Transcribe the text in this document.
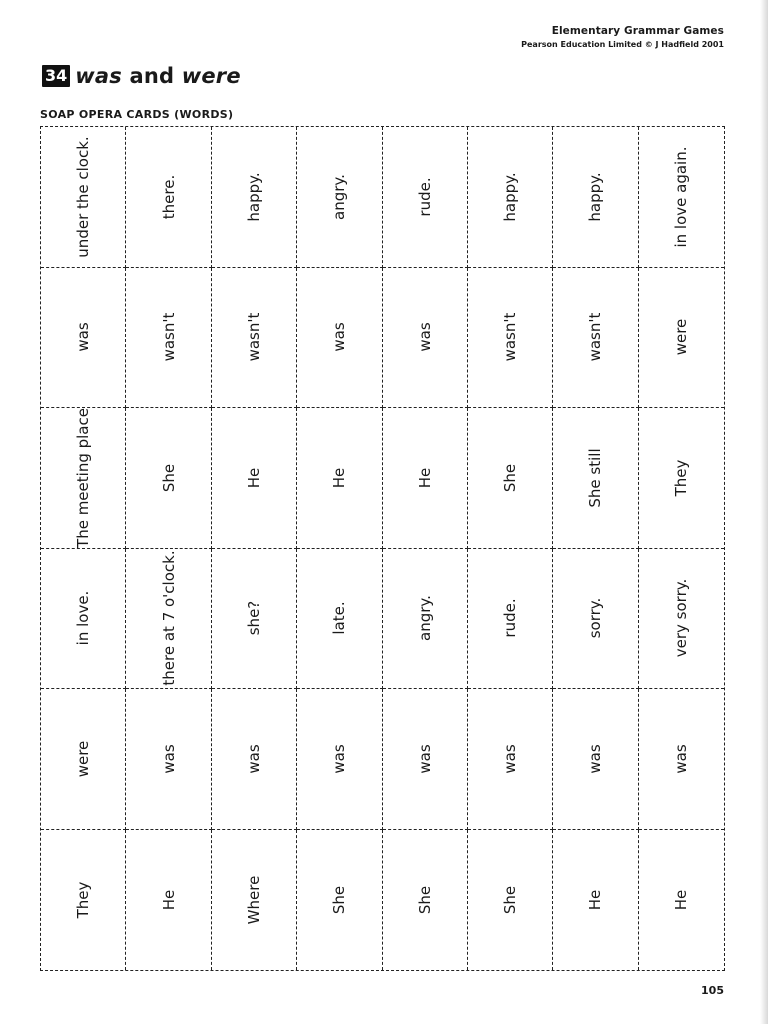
Elementary Grammar Games
Pearson Education Limited © J Hadfield 2001
34 was and were
SOAP OPERA CARDS (WORDS)
under the clock.	there.	happy.	angry.	rude.	happy.	happy.	in love again.
was	wasn't	wasn't	was	was	wasn't	wasn't	were
The meeting place	She	He	He	He	She	She still	They
in love.	there at 7 o'clock.	she?	late.	angry.	rude.	sorry.	very sorry.
were	was	was	was	was	was	was	was
They	He	Where	She	She	She	He	He
105
